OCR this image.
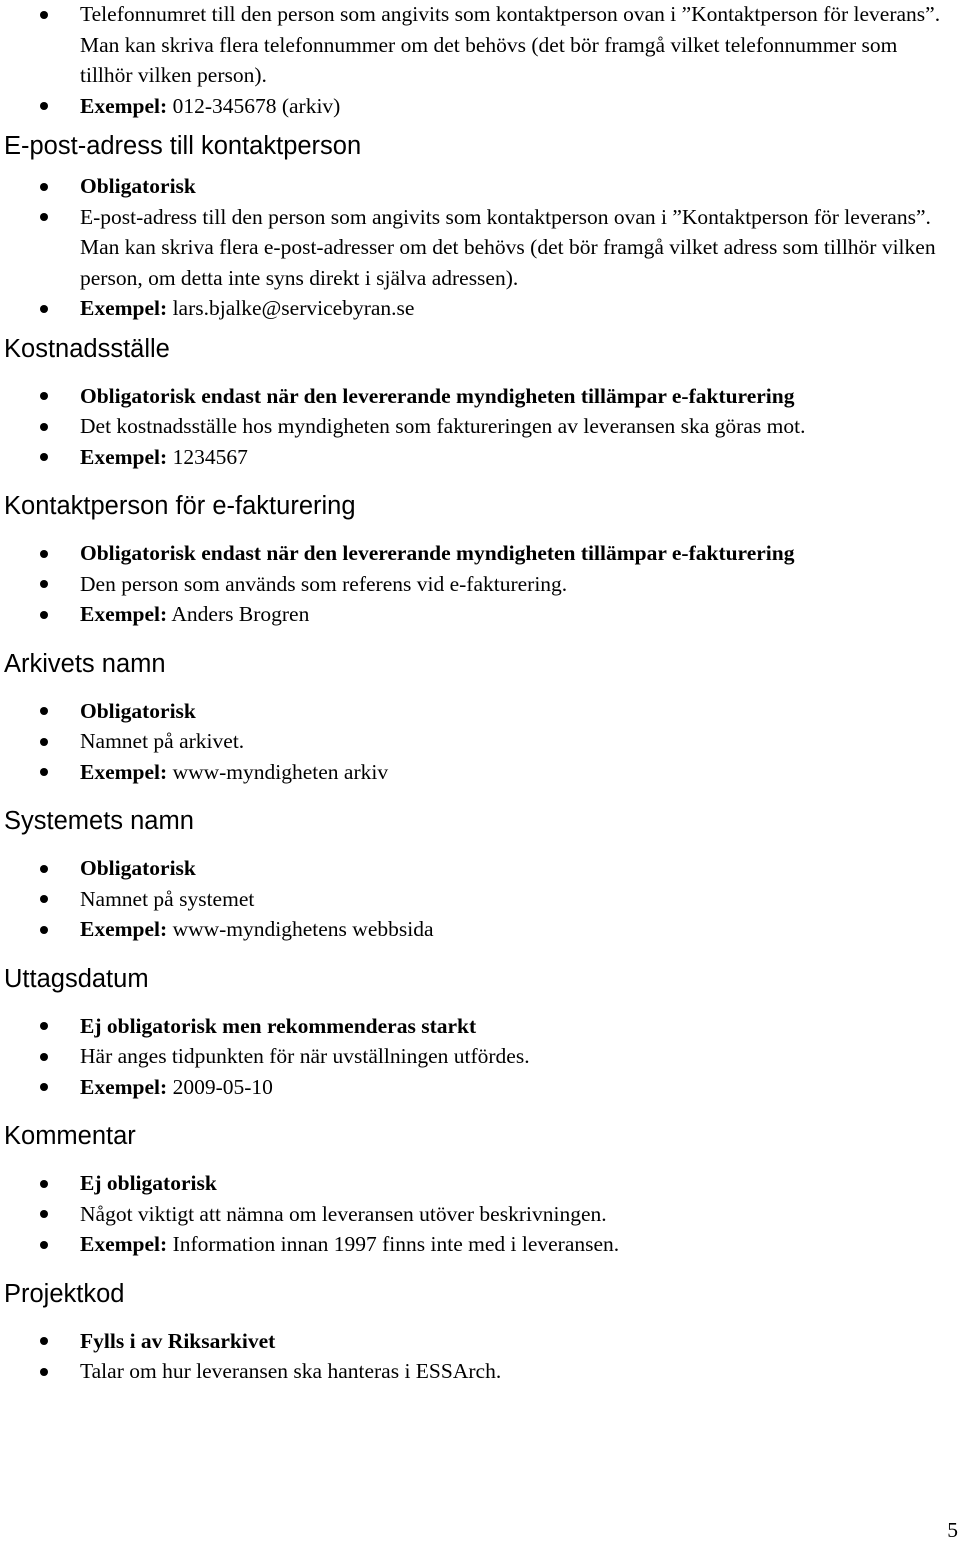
Telefonnumret till den person som angivits som kontaktperson ovan i ”Kontaktperson för leverans”. Man kan skriva flera telefonnummer om det behövs (det bör framgå vilket telefonnummer som tillhör vilken person).
Exempel: 012-345678 (arkiv)
E-post-adress till kontaktperson
Obligatorisk
E-post-adress till den person som angivits som kontaktperson ovan i ”Kontaktperson för leverans”. Man kan skriva flera e-post-adresser om det behövs (det bör framgå vilket adress som tillhör vilken person, om detta inte syns direkt i själva adressen).
Exempel: lars.bjalke@servicebyran.se
Kostnadsställe
Obligatorisk endast när den levererande myndigheten tillämpar e-fakturering
Det kostnadsställe hos myndigheten som faktureringen av leveransen ska göras mot.
Exempel: 1234567
Kontaktperson för e-fakturering
Obligatorisk endast när den levererande myndigheten tillämpar e-fakturering
Den person som används som referens vid e-fakturering.
Exempel: Anders Brogren
Arkivets namn
Obligatorisk
Namnet på arkivet.
Exempel: www-myndigheten arkiv
Systemets namn
Obligatorisk
Namnet på systemet
Exempel: www-myndighetens webbsida
Uttagsdatum
Ej obligatorisk men rekommenderas starkt
Här anges tidpunkten för när uvställningen utfördes.
Exempel: 2009-05-10
Kommentar
Ej obligatorisk
Något viktigt att nämna om leveransen utöver beskrivningen.
Exempel: Information innan 1997 finns inte med i leveransen.
Projektkod
Fylls i av Riksarkivet
Talar om hur leveransen ska hanteras i ESSArch.
5
